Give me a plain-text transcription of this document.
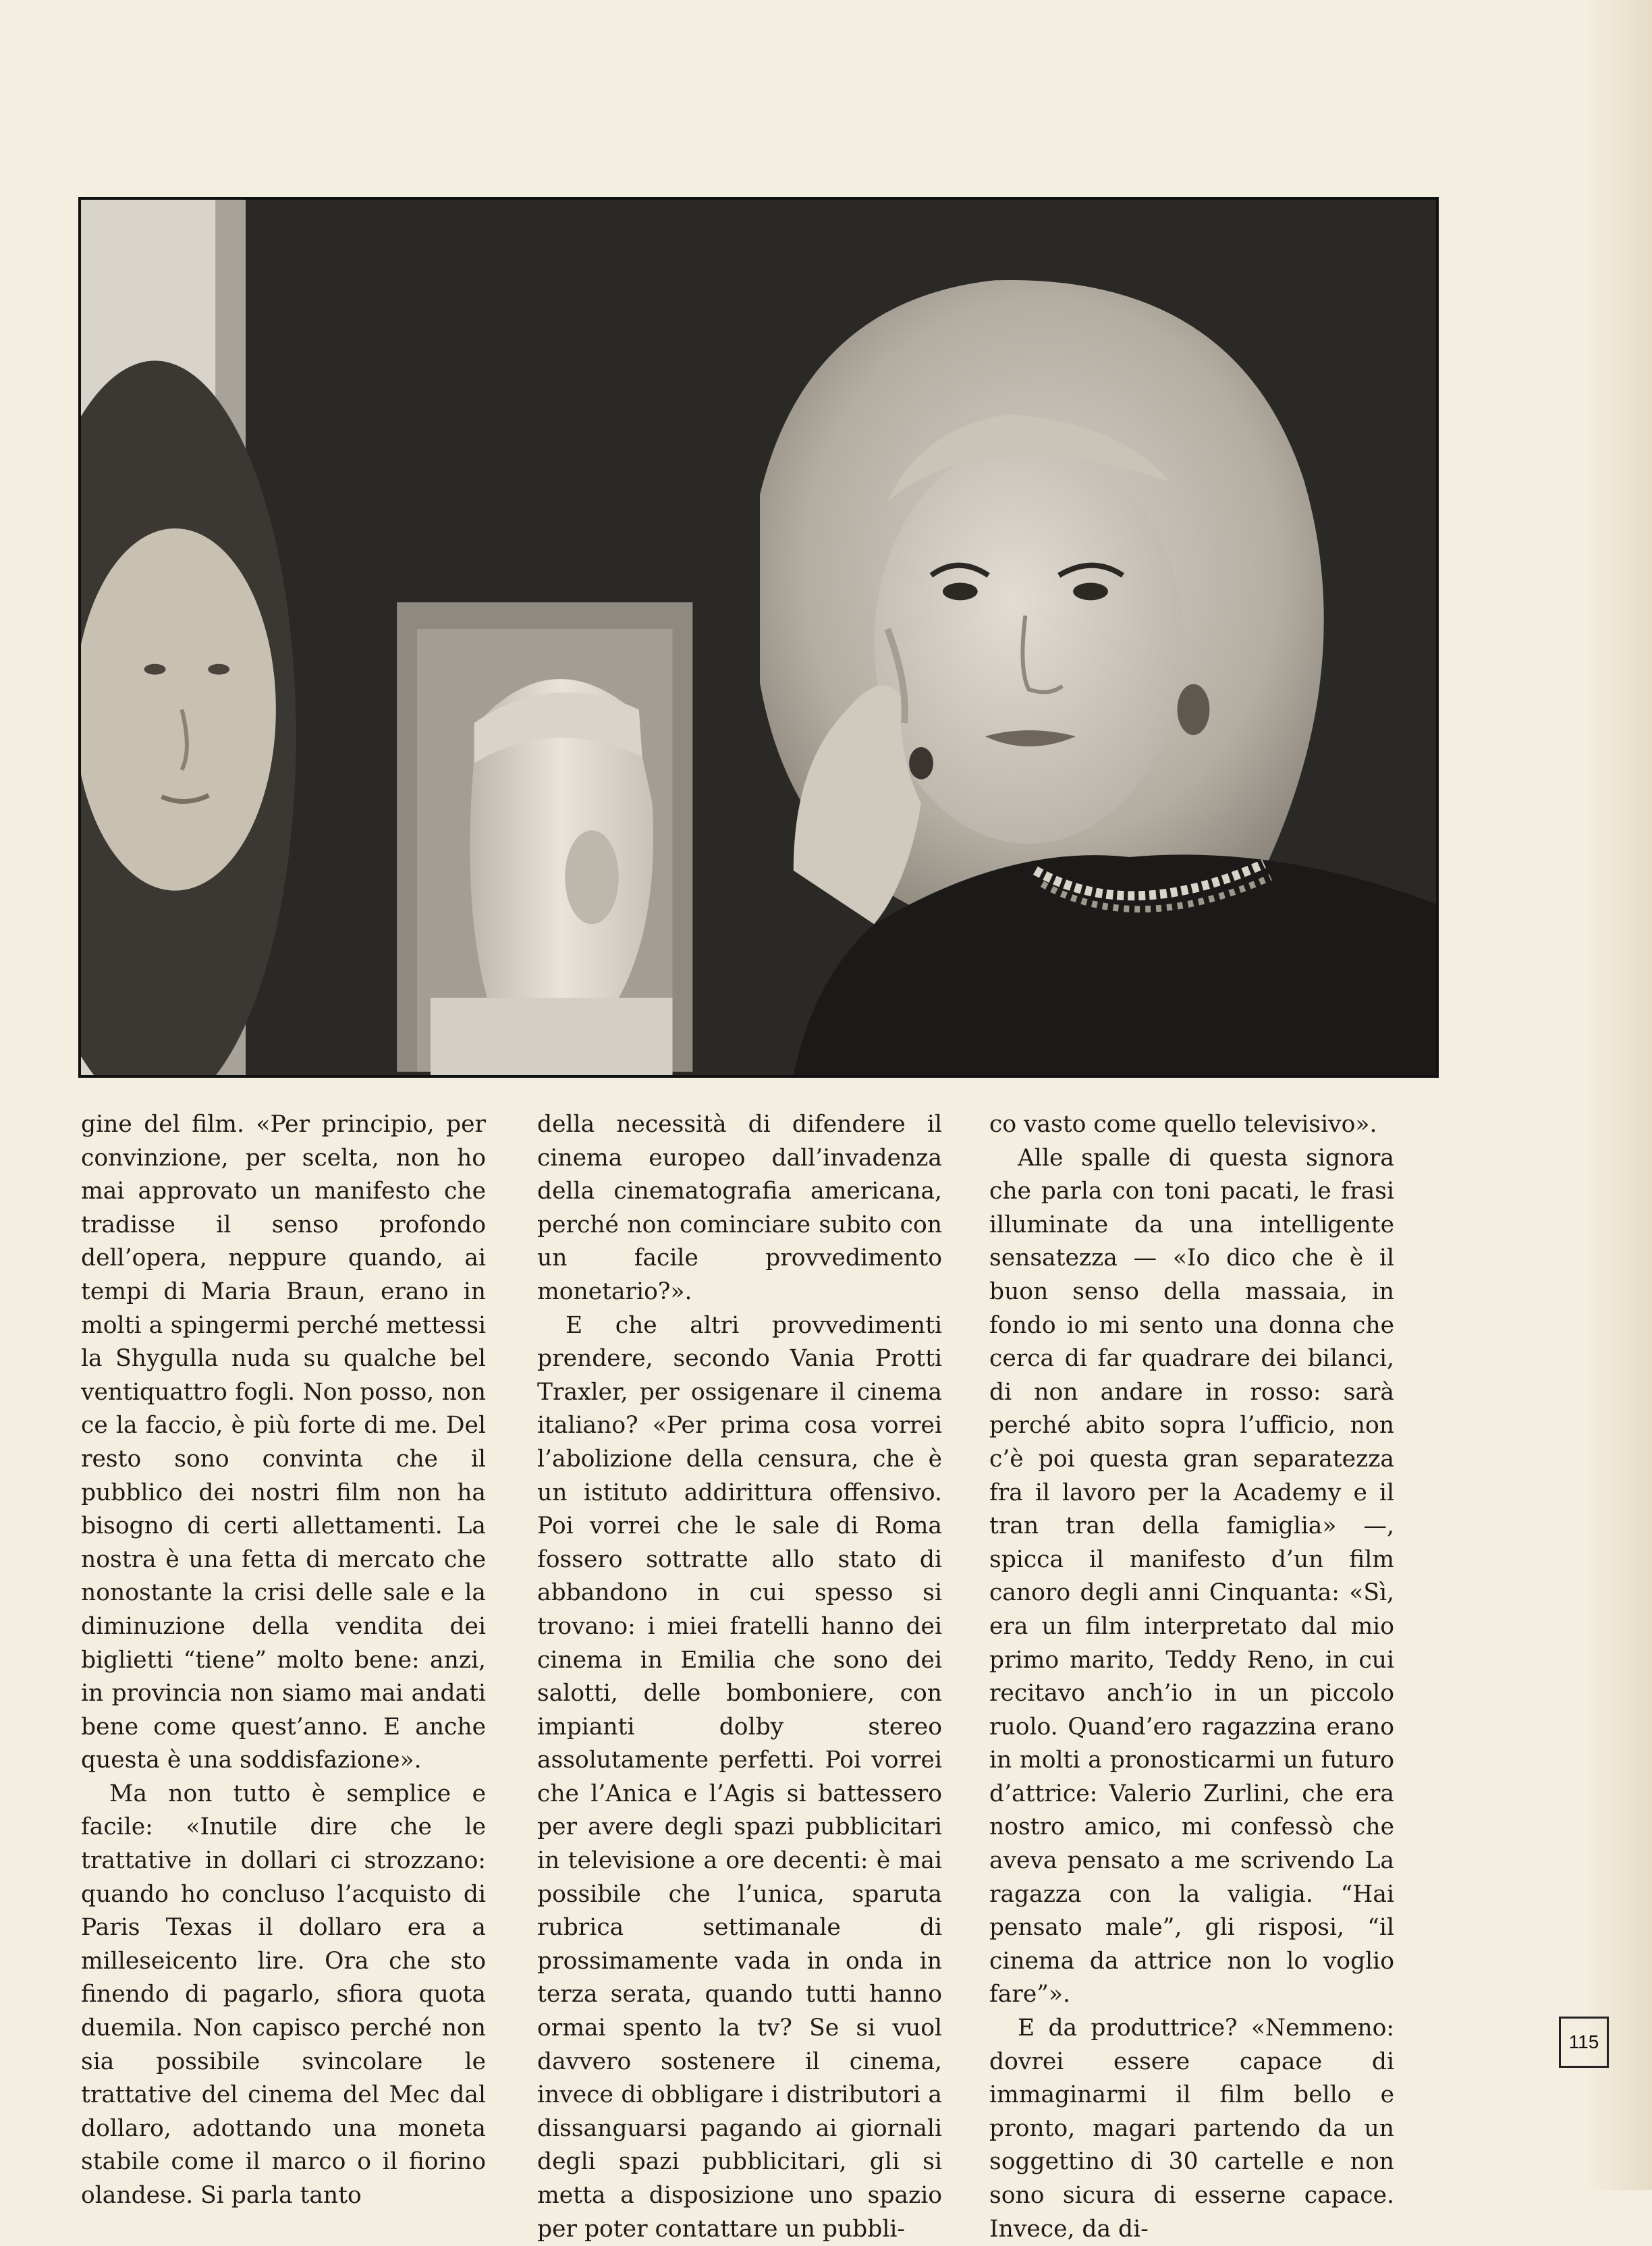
gine del film. «Per principio, per convinzione, per scelta, non ho mai approvato un manifesto che tradisse il senso profondo dell’opera, neppure quando, ai tempi di Maria Braun, erano in molti a spingermi perché mettessi la Shygulla nuda su qualche bel ventiquattro fogli. Non posso, non ce la faccio, è più forte di me. Del resto sono convinta che il pubblico dei nostri film non ha bisogno di certi allettamenti. La nostra è una fetta di mercato che nonostante la crisi delle sale e la diminuzione della vendita dei biglietti “tiene” molto bene: anzi, in provincia non siamo mai andati bene come quest’anno. E anche questa è una soddisfazione».

Ma non tutto è semplice e facile: «Inutile dire che le trattative in dollari ci strozzano: quando ho concluso l’acquisto di Paris Texas il dollaro era a milleseicento lire. Ora che sto finendo di pagarlo, sfiora quota duemila. Non capisco perché non sia possibile svincolare le trattative del cinema del Mec dal dollaro, adottando una moneta stabile come il marco o il fiorino olandese. Si parla tanto

della necessità di difendere il cinema europeo dall’invadenza della cinematografia americana, perché non cominciare subito con un facile provvedimento monetario?».

E che altri provvedimenti prendere, secondo Vania Protti Traxler, per ossigenare il cinema italiano? «Per prima cosa vorrei l’abolizione della censura, che è un istituto addirittura offensivo. Poi vorrei che le sale di Roma fossero sottratte allo stato di abbandono in cui spesso si trovano: i miei fratelli hanno dei cinema in Emilia che sono dei salotti, delle bomboniere, con impianti dolby stereo assolutamente perfetti. Poi vorrei che l’Anica e l’Agis si battessero per avere degli spazi pubblicitari in televisione a ore decenti: è mai possibile che l’unica, sparuta rubrica settimanale di prossimamente vada in onda in terza serata, quando tutti hanno ormai spento la tv? Se si vuol davvero sostenere il cinema, invece di obbligare i distributori a dissanguarsi pagando ai giornali degli spazi pubblicitari, gli si metta a disposizione uno spazio per poter contattare un pubbli-

co vasto come quello televisivo».

Alle spalle di questa signora che parla con toni pacati, le frasi illuminate da una intelligente sensatezza — «Io dico che è il buon senso della massaia, in fondo io mi sento una donna che cerca di far quadrare dei bilanci, di non andare in rosso: sarà perché abito sopra l’ufficio, non c’è poi questa gran separatezza fra il lavoro per la Academy e il tran tran della famiglia» —, spicca il manifesto d’un film canoro degli anni Cinquanta: «Sì, era un film interpretato dal mio primo marito, Teddy Reno, in cui recitavo anch’io in un piccolo ruolo. Quand’ero ragazzina erano in molti a pronosticarmi un futuro d’attrice: Valerio Zurlini, che era nostro amico, mi confessò che aveva pensato a me scrivendo La ragazza con la valigia. “Hai pensato male”, gli risposi, “il cinema da attrice non lo voglio fare”».

E da produttrice? «Nemmeno: dovrei essere capace di immaginarmi il film bello e pronto, magari partendo da un soggettino di 30 cartelle e non sono sicura di esserne capace. Invece, da di-

115
